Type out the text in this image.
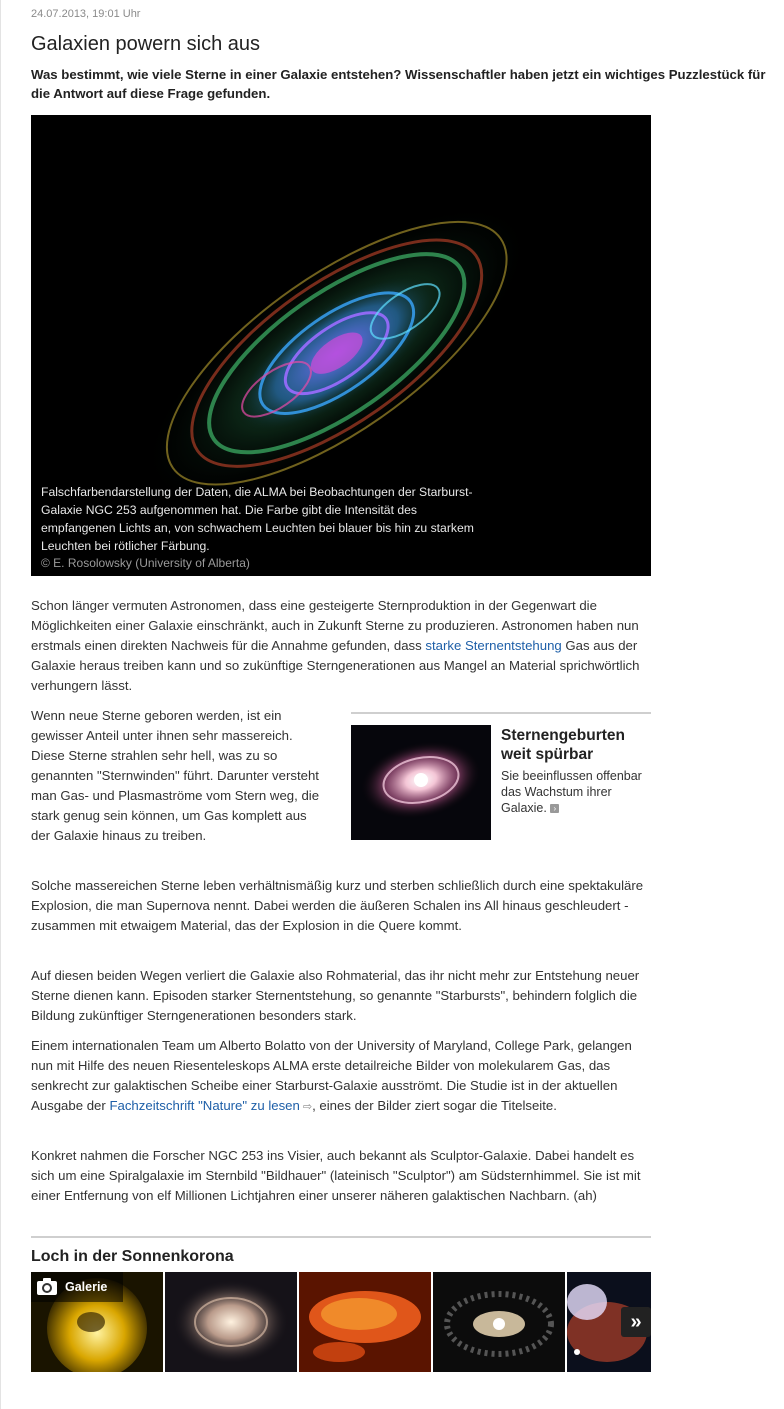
24.07.2013, 19:01 Uhr
Galaxien powern sich aus
Was bestimmt, wie viele Sterne in einer Galaxie entstehen? Wissenschaftler haben jetzt ein wichtiges Puzzlestück für die Antwort auf diese Frage gefunden.
Falschfarbendarstellung der Daten, die ALMA bei Beobachtungen der Starburst-Galaxie NGC 253 aufgenommen hat. Die Farbe gibt die Intensität des empfangenen Lichts an, von schwachem Leuchten bei blauer bis hin zu starkem Leuchten bei rötlicher Färbung.
© E. Rosolowsky (University of Alberta)

Schon länger vermuten Astronomen, dass eine gesteigerte Sternproduktion in der Gegenwart die Möglichkeiten einer Galaxie einschränkt, auch in Zukunft Sterne zu produzieren. Astronomen haben nun erstmals einen direkten Nachweis für die Annahme gefunden, dass starke Sternentstehung Gas aus der Galaxie heraus treiben kann und so zukünftige Sterngenerationen aus Mangel an Material sprichwörtlich verhungern lässt.

Wenn neue Sterne geboren werden, ist ein gewisser Anteil unter ihnen sehr massereich. Diese Sterne strahlen sehr hell, was zu so genannten "Sternwinden" führt. Darunter versteht man Gas- und Plasmaströme vom Stern weg, die stark genug sein können, um Gas komplett aus der Galaxie hinaus zu treiben.

Sternengeburten weit spürbar
Sie beeinflussen offenbar das Wachstum ihrer Galaxie. ›

Solche massereichen Sterne leben verhältnismäßig kurz und sterben schließlich durch eine spektakuläre Explosion, die man Supernova nennt. Dabei werden die äußeren Schalen ins All hinaus geschleudert - zusammen mit etwaigem Material, das der Explosion in die Quere kommt.

Auf diesen beiden Wegen verliert die Galaxie also Rohmaterial, das ihr nicht mehr zur Entstehung neuer Sterne dienen kann. Episoden starker Sternentstehung, so genannte "Starbursts", behindern folglich die Bildung zukünftiger Sterngenerationen besonders stark.

Einem internationalen Team um Alberto Bolatto von der University of Maryland, College Park, gelangen nun mit Hilfe des neuen Riesenteleskops ALMA erste detailreiche Bilder von molekularem Gas, das senkrecht zur galaktischen Scheibe einer Starburst-Galaxie ausströmt. Die Studie ist in der aktuellen Ausgabe der Fachzeitschrift "Nature" zu lesen ⇨, eines der Bilder ziert sogar die Titelseite.

Konkret nahmen die Forscher NGC 253 ins Visier, auch bekannt als Sculptor-Galaxie. Dabei handelt es sich um eine Spiralgalaxie im Sternbild "Bildhauer" (lateinisch "Sculptor") am Südsternhimmel. Sie ist mit einer Entfernung von elf Millionen Lichtjahren einer unserer näheren galaktischen Nachbarn. (ah)

Loch in der Sonnenkorona
Galerie
»
